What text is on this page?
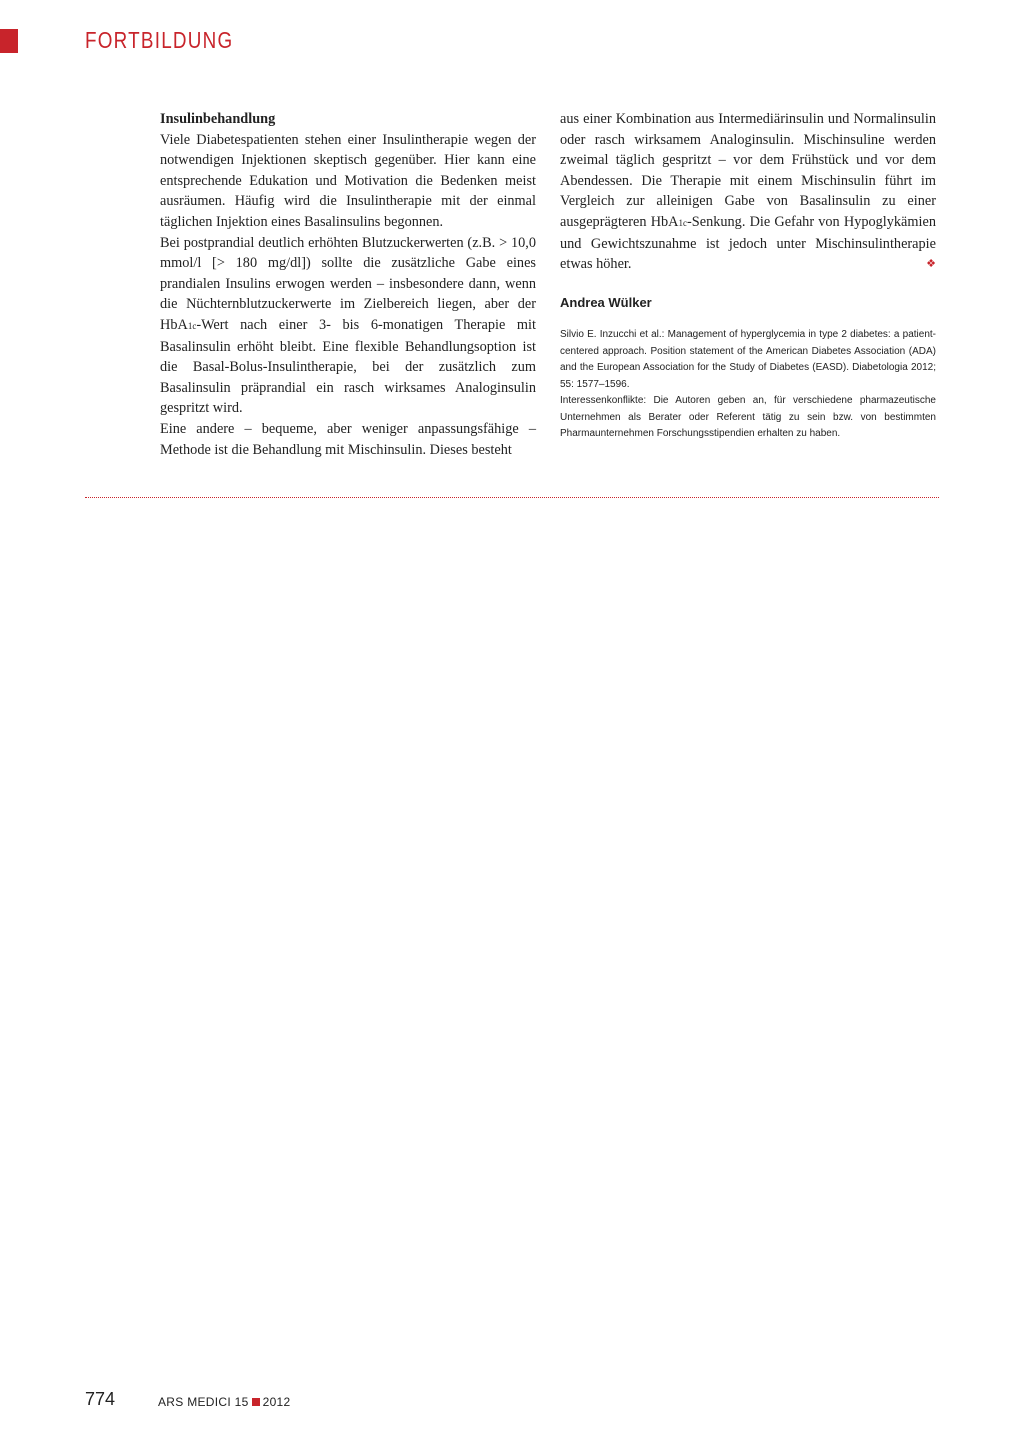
FORTBILDUNG

Insulinbehandlung

Viele Diabetespatienten stehen einer Insulintherapie wegen der notwendigen Injektionen skeptisch gegenüber. Hier kann eine entsprechende Edukation und Motivation die Bedenken meist ausräumen. Häufig wird die Insulintherapie mit der einmal täglichen Injektion eines Basalinsulins begonnen.

Bei postprandial deutlich erhöhten Blutzuckerwerten (z.B. > 10,0 mmol/l [> 180 mg/dl]) sollte die zusätzliche Gabe eines prandialen Insulins erwogen werden – insbesondere dann, wenn die Nüchternblutzuckerwerte im Zielbereich liegen, aber der HbA1c-Wert nach einer 3- bis 6-monatigen Therapie mit Basalinsulin erhöht bleibt. Eine flexible Behandlungsoption ist die Basal-Bolus-Insulintherapie, bei der zusätzlich zum Basalinsulin präprandial ein rasch wirksames Analoginsulin gespritzt wird.

Eine andere – bequeme, aber weniger anpassungsfähige – Methode ist die Behandlung mit Mischinsulin. Dieses besteht

aus einer Kombination aus Intermediärinsulin und Normalinsulin oder rasch wirksamem Analoginsulin. Mischinsuline werden zweimal täglich gespritzt – vor dem Frühstück und vor dem Abendessen. Die Therapie mit einem Mischinsulin führt im Vergleich zur alleinigen Gabe von Basalinsulin zu einer ausgeprägteren HbA1c-Senkung. Die Gefahr von Hypoglykämien und Gewichtszunahme ist jedoch unter Mischinsulintherapie etwas höher.	❖

Andrea Wülker

Silvio E. Inzucchi et al.: Management of hyperglycemia in type 2 diabetes: a patient-centered approach. Position statement of the American Diabetes Association (ADA) and the European Association for the Study of Diabetes (EASD). Diabetologia 2012; 55: 1577–1596.

Interessenkonflikte: Die Autoren geben an, für verschiedene pharmazeutische Unternehmen als Berater oder Referent tätig zu sein bzw. von bestimmten Pharmaunternehmen Forschungsstipendien erhalten zu haben.

774	ARS MEDICI 15 2012
